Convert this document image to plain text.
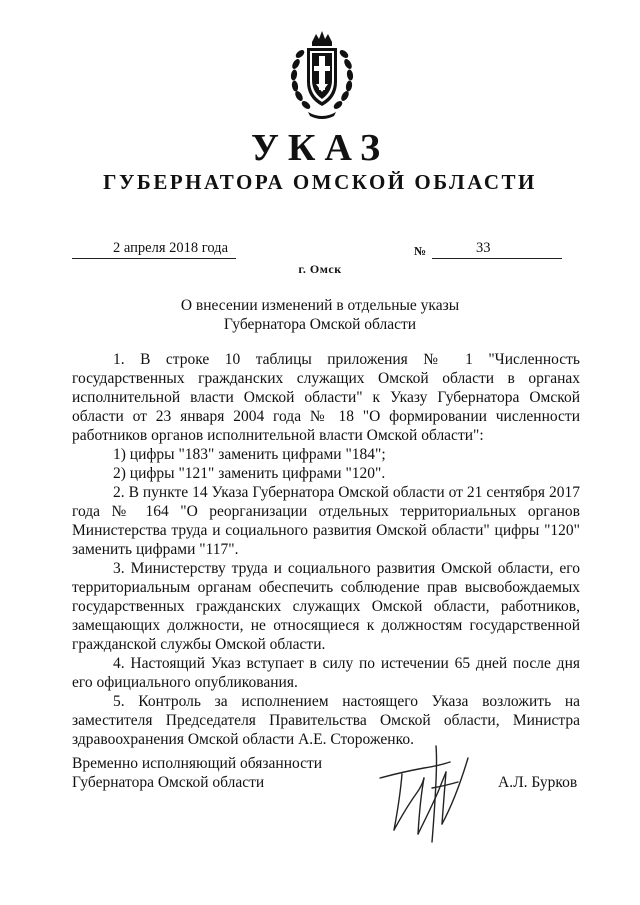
УКАЗ
ГУБЕРНАТОРА ОМСКОЙ ОБЛАСТИ
2 апреля 2018 года	№	33
г. Омск
О внесении изменений в отдельные указы
Губернатора Омской области

1. В строке 10 таблицы приложения № 1 "Численность государственных гражданских служащих Омской области в органах исполнительной власти Омской области" к Указу Губернатора Омской области от 23 января 2004 года № 18 "О формировании численности работников органов исполнительной власти Омской области":

1) цифры "183" заменить цифрами "184";

2) цифры "121" заменить цифрами "120".

2. В пункте 14 Указа Губернатора Омской области от 21 сентября 2017 года № 164 "О реорганизации отдельных территориальных органов Министерства труда и социального развития Омской области" цифры "120" заменить цифрами "117".

3. Министерству труда и социального развития Омской области, его территориальным органам обеспечить соблюдение прав высвобождаемых государственных гражданских служащих Омской области, работников, замещающих должности, не относящиеся к должностям государственной гражданской службы Омской области.

4. Настоящий Указ вступает в силу по истечении 65 дней после дня его официального опубликования.

5. Контроль за исполнением настоящего Указа возложить на заместителя Председателя Правительства Омской области, Министра здравоохранения Омской области А.Е. Стороженко.

Временно исполняющий обязанности
Губернатора Омской области	А.Л. Бурков
